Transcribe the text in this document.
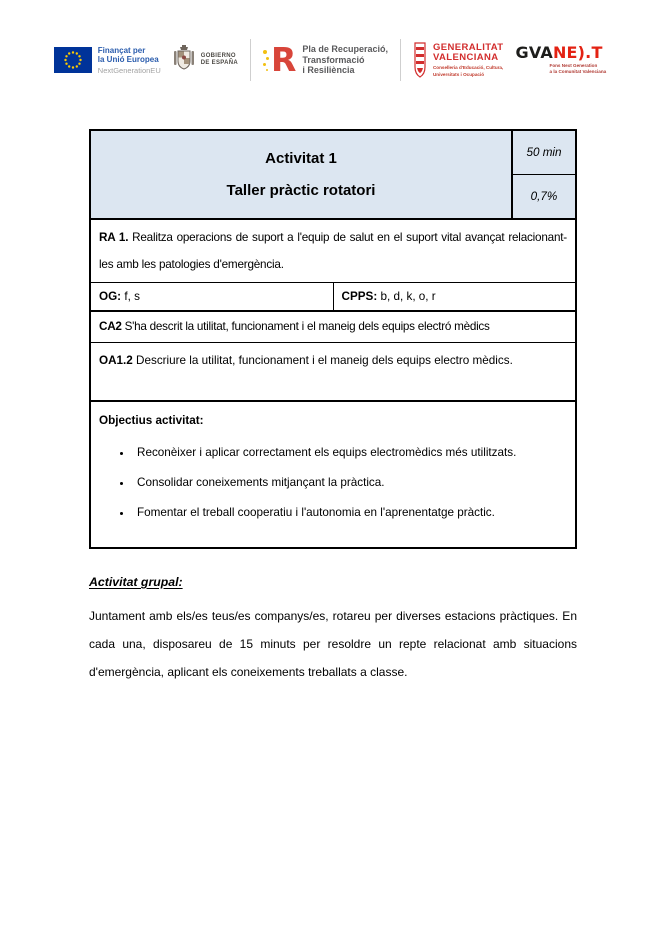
Finançat per
la Unió Europea
NextGenerationEU
GOBIERNO
DE ESPAÑA R Pla de Recuperació,
Transformació
i Resiliència
GENERALITAT
VALENCIANA
Conselleria d'Educació, Cultura,
Universitats i Ocupació
GVANE).T
Fons Next Generation
a la Comunitat Valenciana
Activitat 1
Taller pràctic rotatori
50 min
0,7%
RA 1. Realitza operacions de suport a l'equip de salut en el suport vital avançat relacionant-les amb les patologies d'emergència.
OG: f, s	CPPS: b, d, k, o, r
CA2 S'ha descrit la utilitat, funcionament i el maneig dels equips electró mèdics
OA1.2 Descriure la utilitat, funcionament i el maneig dels equips electro mèdics.
Objectius activitat:
• Reconèixer i aplicar correctament els equips electromèdics més utilitzats.
• Consolidar coneixements mitjançant la pràctica.
• Fomentar el treball cooperatiu i l'autonomia en l'aprenentatge pràctic.
Activitat grupal:

Juntament amb els/es teus/es companys/es, rotareu per diverses estacions pràctiques. En cada una, disposareu de 15 minuts per resoldre un repte relacionat amb situacions d'emergència, aplicant els coneixements treballats a classe.
